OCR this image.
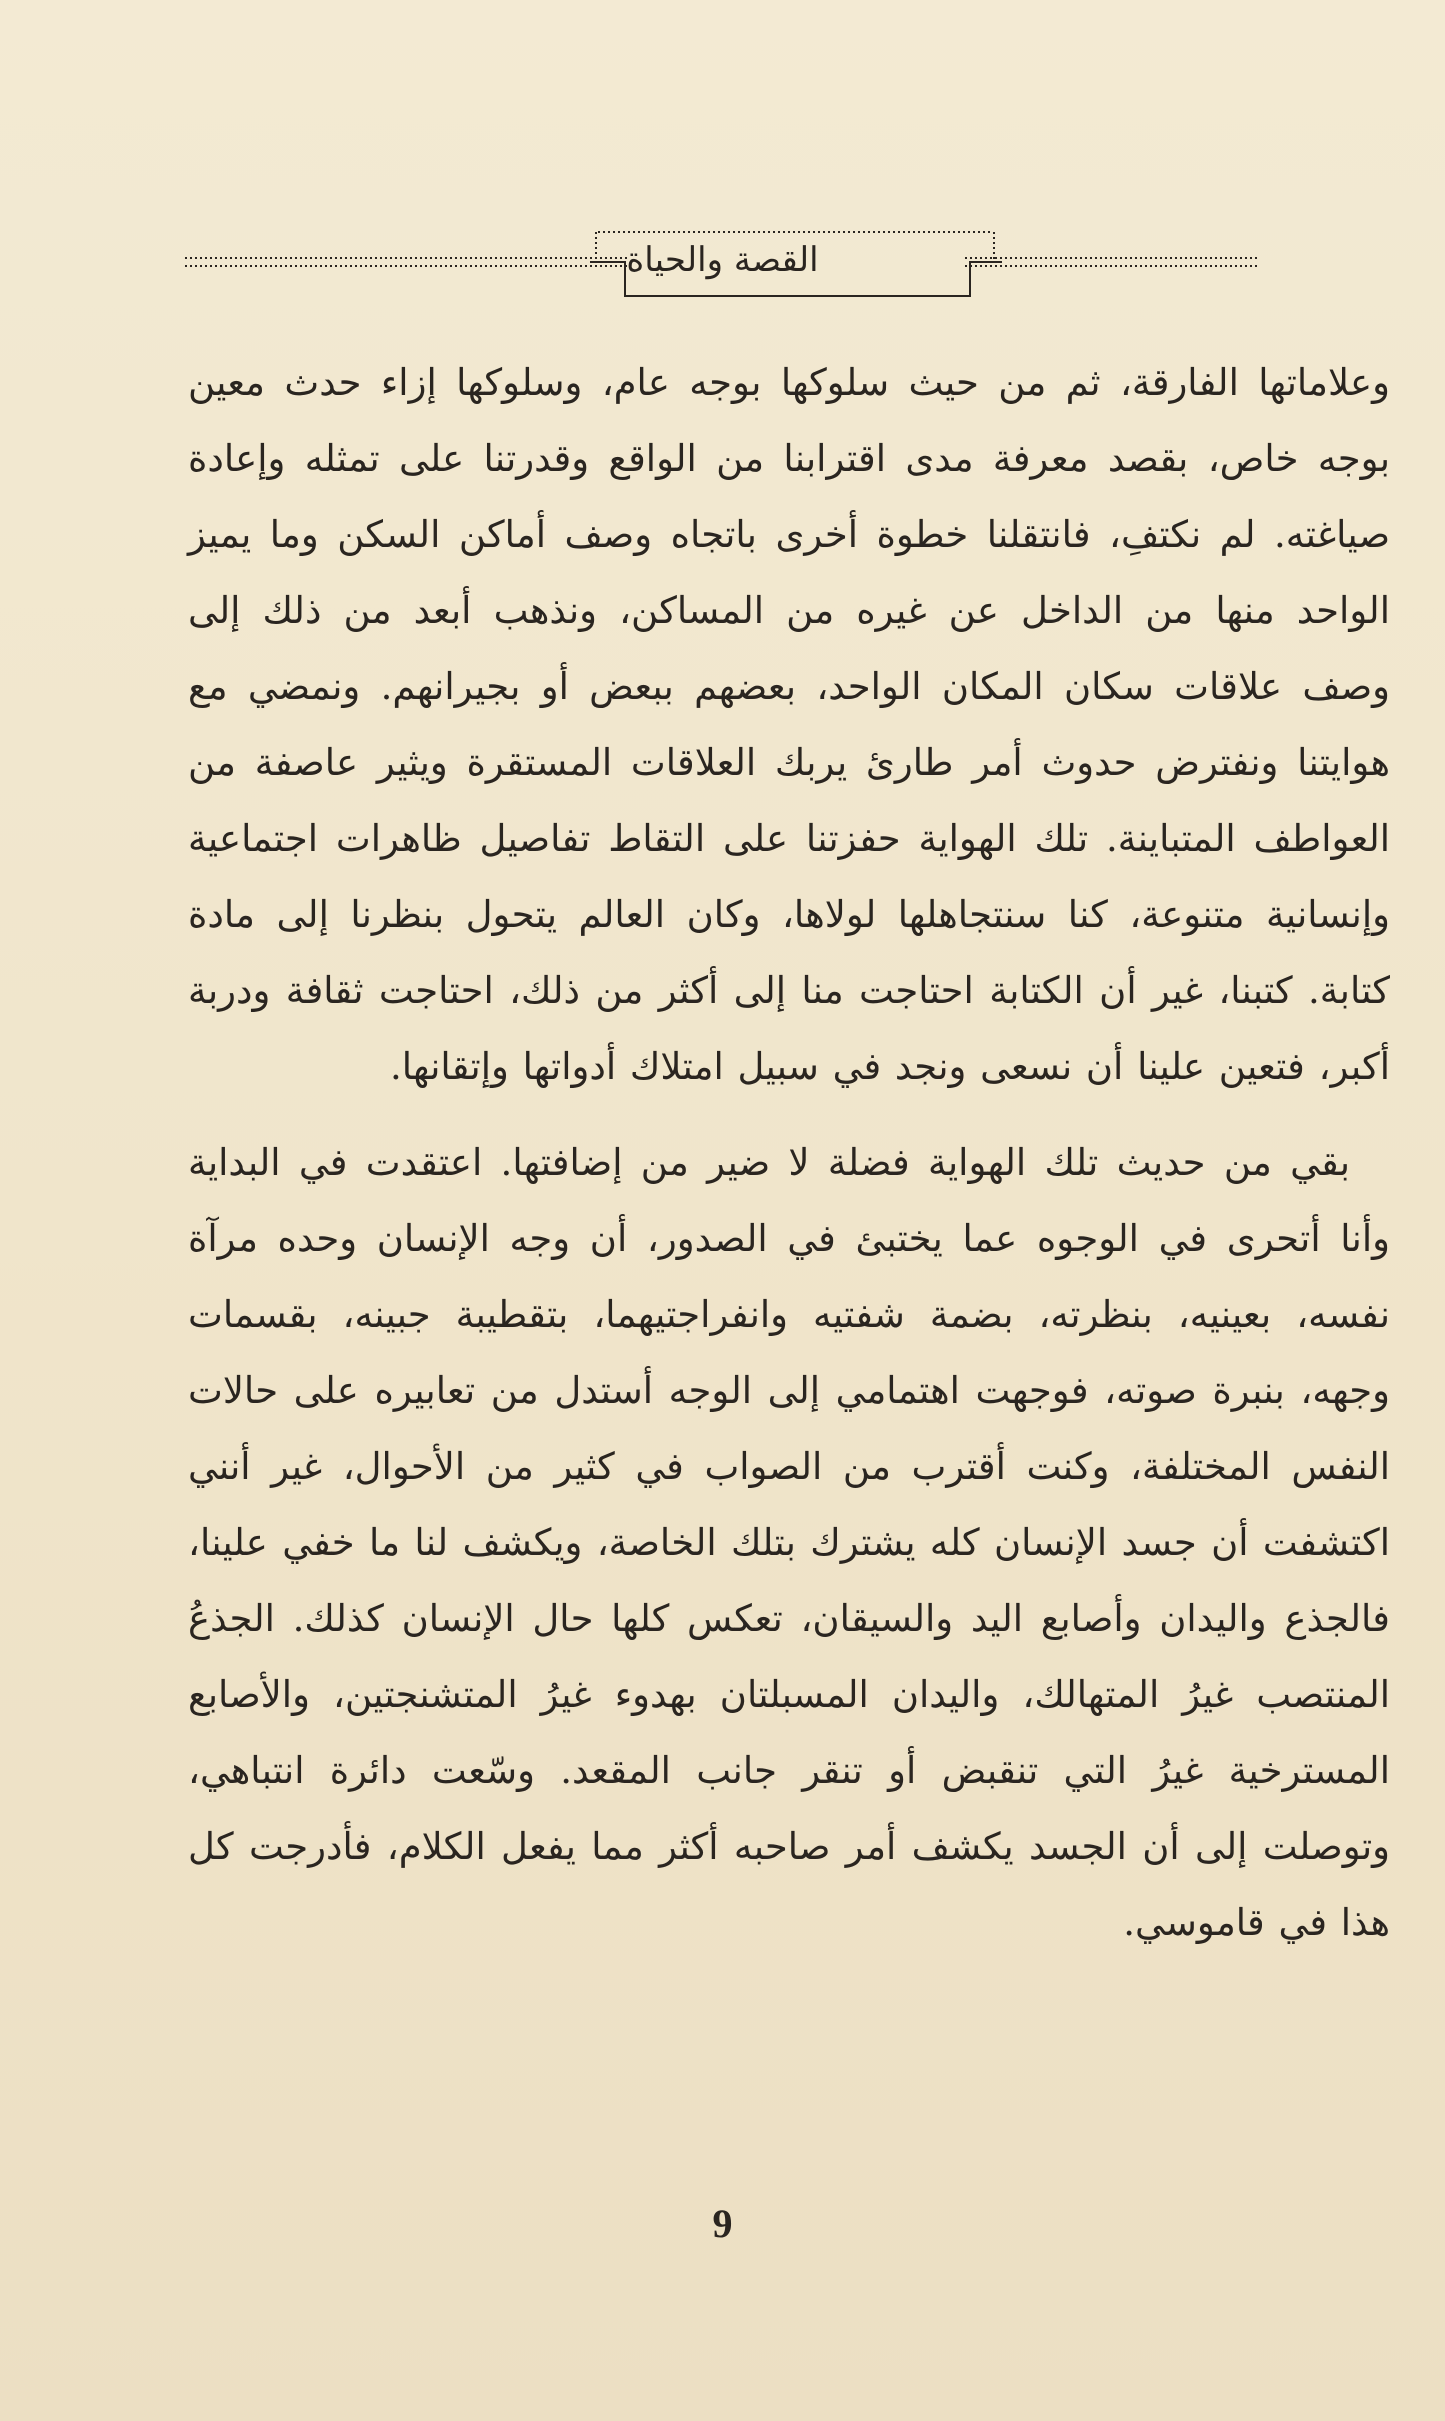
القصة والحياة

وعلاماتها الفارقة، ثم من حيث سلوكها بوجه عام، وسلوكها إزاء حدث معين بوجه خاص، بقصد معرفة مدى اقترابنا من الواقع وقدرتنا على تمثله وإعادة صياغته. لم نكتفِ، فانتقلنا خطوة أخرى باتجاه وصف أماكن السكن وما يميز الواحد منها من الداخل عن غيره من المساكن، ونذهب أبعد من ذلك إلى وصف علاقات سكان المكان الواحد، بعضهم ببعض أو بجيرانهم. ونمضي مع هوايتنا ونفترض حدوث أمر طارئ يربك العلاقات المستقرة ويثير عاصفة من العواطف المتباينة. تلك الهواية حفزتنا على التقاط تفاصيل ظاهرات اجتماعية وإنسانية متنوعة، كنا سنتجاهلها لولاها، وكان العالم يتحول بنظرنا إلى مادة كتابة. كتبنا، غير أن الكتابة احتاجت منا إلى أكثر من ذلك، احتاجت ثقافة ودربة أكبر، فتعين علينا أن نسعى ونجد في سبيل امتلاك أدواتها وإتقانها.

بقي من حديث تلك الهواية فضلة لا ضير من إضافتها. اعتقدت في البداية وأنا أتحرى في الوجوه عما يختبئ في الصدور، أن وجه الإنسان وحده مرآة نفسه، بعينيه، بنظرته، بضمة شفتيه وانفراجتيهما، بتقطيبة جبينه، بقسمات وجهه، بنبرة صوته، فوجهت اهتمامي إلى الوجه أستدل من تعابيره على حالات النفس المختلفة، وكنت أقترب من الصواب في كثير من الأحوال، غير أنني اكتشفت أن جسد الإنسان كله يشترك بتلك الخاصة، ويكشف لنا ما خفي علينا، فالجذع واليدان وأصابع اليد والسيقان، تعكس كلها حال الإنسان كذلك. الجذعُ المنتصب غيرُ المتهالك، واليدان المسبلتان بهدوء غيرُ المتشنجتين، والأصابع المسترخية غيرُ التي تنقبض أو تنقر جانب المقعد. وسّعت دائرة انتباهي، وتوصلت إلى أن الجسد يكشف أمر صاحبه أكثر مما يفعل الكلام، فأدرجت كل هذا في قاموسي.

9
